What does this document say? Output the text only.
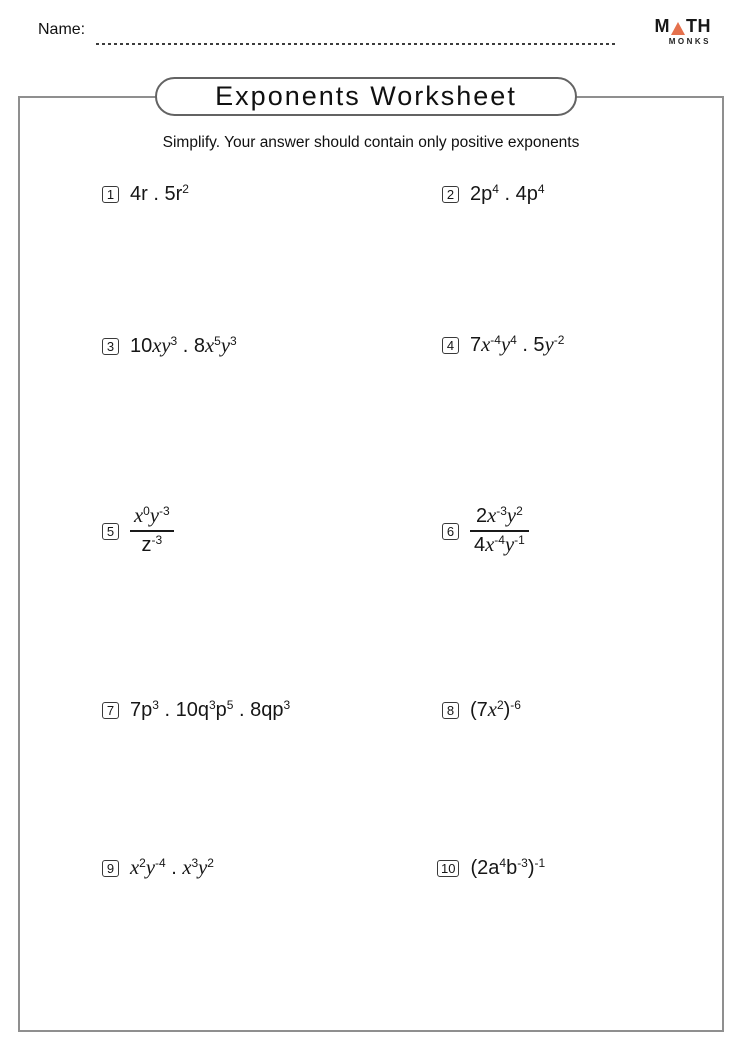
Name:	M TH
MONKS
Exponents Worksheet
Simplify. Your answer should contain only positive exponents
1 4r . $5r^2$	2 $2p^4$ . $4p^4$
3 $10xy^3$ . $8x^5y^3$	4 $7x^{-4}y^4$ . $5y^{-2}$
$5 \frac{x^0y^{-3}}{z^{-3}}$	$6 \frac{2x^{-3}y^2}{4x^{-4}y^{-1}}$
7 $7p^3$ . $10q^3p^5$ . $8qp^3$	8 $(7x^2)^{-6}$
9 $x^2y^{-4}$ . $x^3y^2$	10 $(2a^4b^{-3})^{-1}$
